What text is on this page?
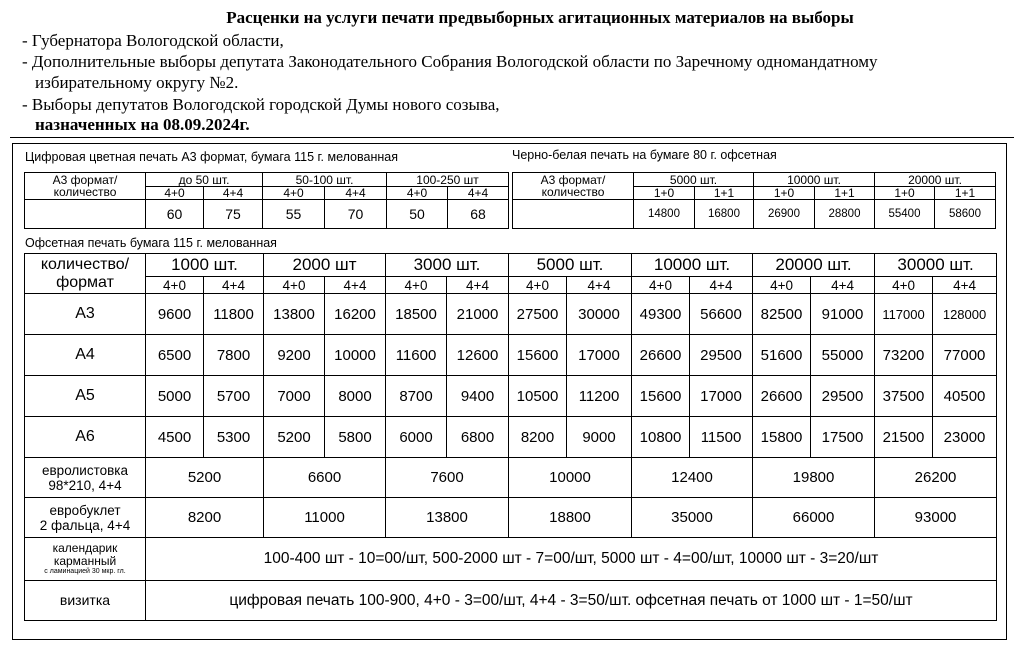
Расценки на услуги печати предвыборных агитационных материалов на выборы
- Губернатора Вологодской области,
- Дополнительные выборы депутата Законодательного Собрания Вологодской области по Заречному одномандатному
избирательному округу №2.
- Выборы депутатов Вологодской городской Думы нового созыва,
назначенных на 08.09.2024г.
Цифровая цветная печать А3 формат, бумага 115 г. мелованная	Черно-белая печать на бумаге 80 г. офсетная
А3 формат/
количество	до 50 шт.		50-100 шт.		100-250 шт	
	4+0	4+4	4+0	4+4	4+0	4+4
	60	75	55	70	50	68
А3 формат/
количество	5000 шт.		10000 шт.		20000 шт.	
	1+0	1+1	1+0	1+1	1+0	1+1
	14800	16800	26900	28800	55400	58600
Офсетная печать бумага 115 г. мелованная
количество/
формат	1000 шт.		2000 шт		3000 шт.		5000 шт.		10000 шт.		20000 шт.		30000 шт.	
	4+0	4+4	4+0	4+4	4+0	4+4	4+0	4+4	4+0	4+4	4+0	4+4	4+0	4+4
А3	9600	11800	13800	16200	18500	21000	27500	30000	49300	56600	82500	91000	117000	128000
А4	6500	7800	9200	10000	11600	12600	15600	17000	26600	29500	51600	55000	73200	77000
А5	5000	5700	7000	8000	8700	9400	10500	11200	15600	17000	26600	29500	37500	40500
А6	4500	5300	5200	5800	6000	6800	8200	9000	10800	11500	15800	17500	21500	23000

евролистовка
98*210, 4+4	5200		6600		7600		10000		12400		19800		26200	

евробуклет
2 фальца, 4+4	8200		11000		13800		18800		35000		66000		93000	

календарик
карманный
с ламинацией 30 мкр. гл.	100-400 шт - 10=00/шт, 500-2000 шт - 7=00/шт, 5000 шт - 4=00/шт, 10000 шт - 3=20/шт													
визитка	цифровая печать 100-900, 4+0 - 3=00/шт, 4+4 - 3=50/шт. офсетная печать от 1000 шт - 1=50/шт													
